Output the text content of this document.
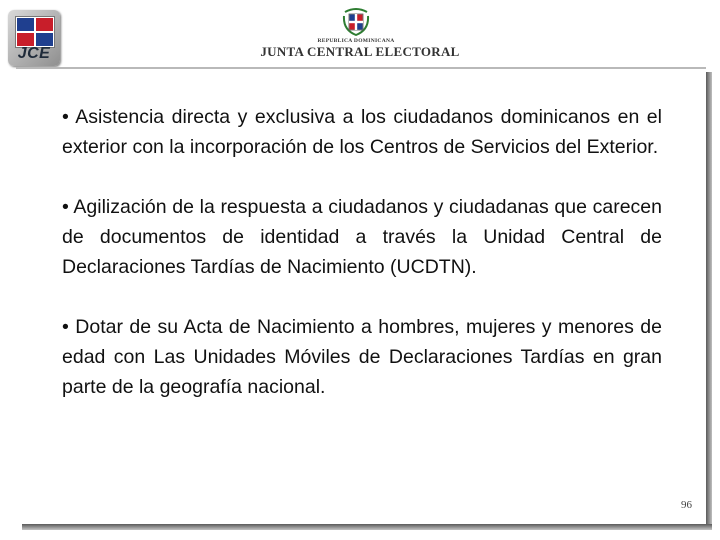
JCE
REPUBLICA DOMINICANA
JUNTA CENTRAL ELECTORAL

• Asistencia directa y exclusiva a los ciudadanos dominicanos en el exterior con la incorporación de los Centros de Servicios del Exterior.

• Agilización de la respuesta a ciudadanos y ciudadanas que carecen de documentos de identidad a través la Unidad Central de Declaraciones Tardías de Nacimiento (UCDTN).

• Dotar de su Acta de Nacimiento a hombres, mujeres y menores de edad con Las Unidades Móviles de Declaraciones Tardías en gran parte de la geografía nacional.

96
